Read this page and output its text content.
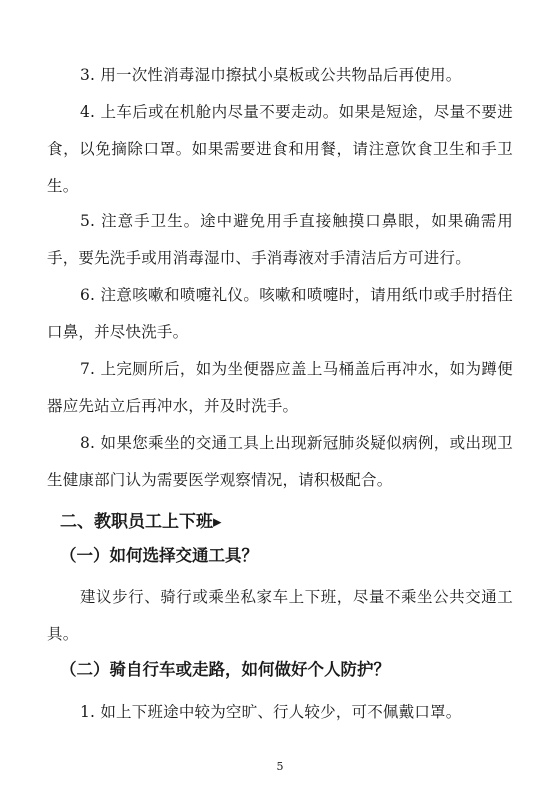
3. 用一次性消毒湿巾擦拭小桌板或公共物品后再使用。

4. 上车后或在机舱内尽量不要走动。如果是短途，尽量不要进食，以免摘除口罩。如果需要进食和用餐，请注意饮食卫生和手卫生。

5. 注意手卫生。途中避免用手直接触摸口鼻眼，如果确需用手，要先洗手或用消毒湿巾、手消毒液对手清洁后方可进行。

6. 注意咳嗽和喷嚏礼仪。咳嗽和喷嚏时，请用纸巾或手肘捂住口鼻，并尽快洗手。

7. 上完厕所后，如为坐便器应盖上马桶盖后再冲水，如为蹲便器应先站立后再冲水，并及时洗手。

8. 如果您乘坐的交通工具上出现新冠肺炎疑似病例，或出现卫生健康部门认为需要医学观察情况，请积极配合。

二、教职员工上下班▸
（一）如何选择交通工具？

建议步行、骑行或乘坐私家车上下班，尽量不乘坐公共交通工具。

（二）骑自行车或走路，如何做好个人防护？

1. 如上下班途中较为空旷、行人较少，可不佩戴口罩。

5
